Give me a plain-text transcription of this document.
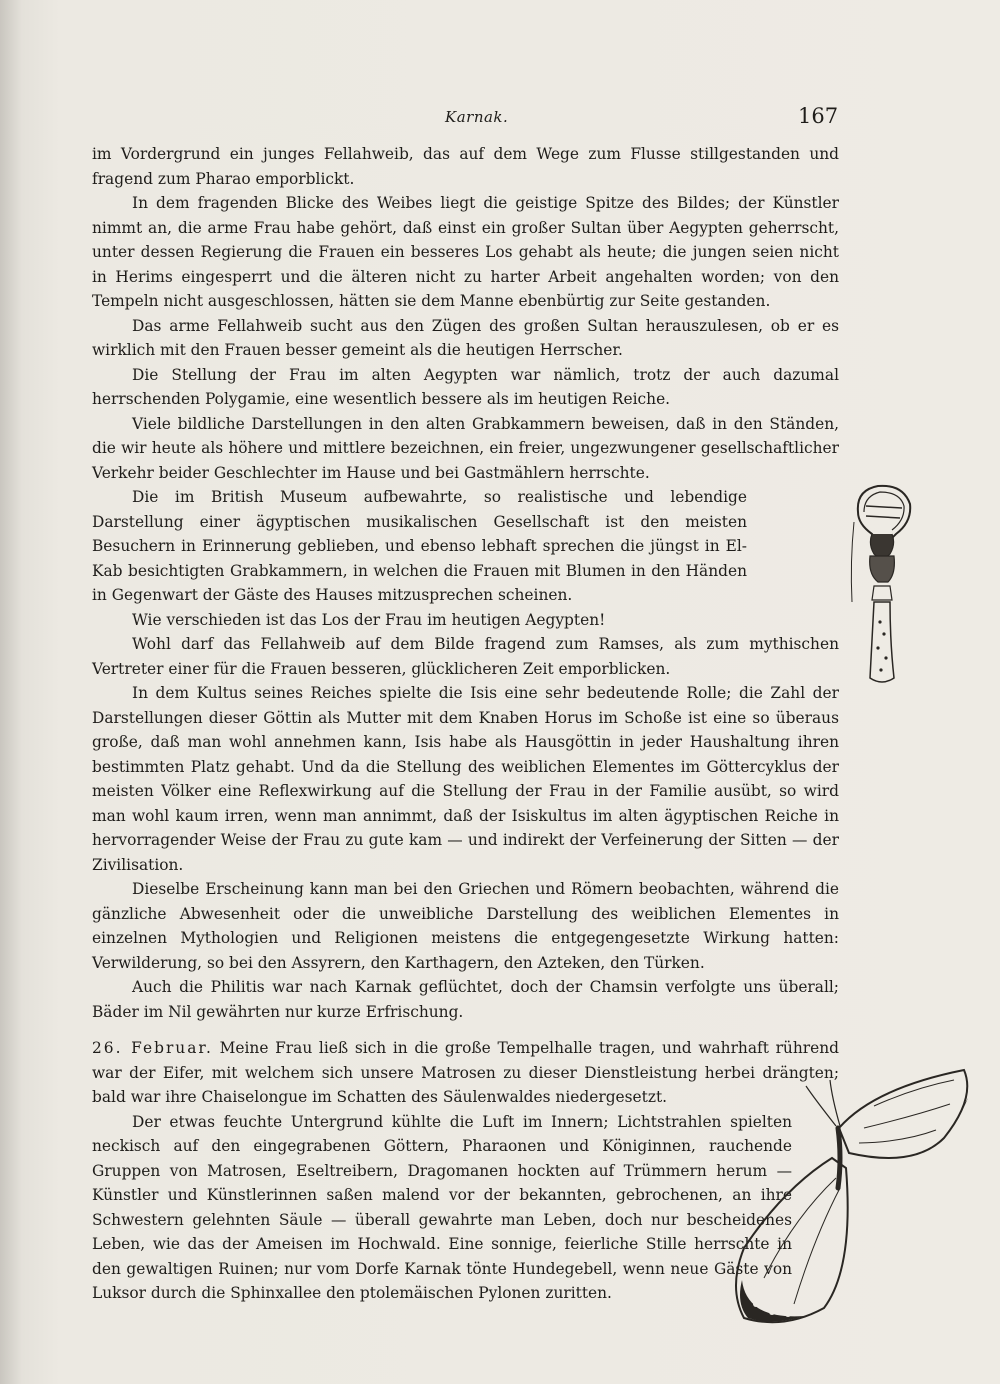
Karnak.	167

im Vordergrund ein junges Fellahweib, das auf dem Wege zum Flusse stillgestanden und fragend zum Pharao emporblickt.

In dem fragenden Blicke des Weibes liegt die geistige Spitze des Bildes; der Künstler nimmt an, die arme Frau habe gehört, daß einst ein großer Sultan über Aegypten geherrscht, unter dessen Regierung die Frauen ein besseres Los gehabt als heute; die jungen seien nicht in Herims eingesperrt und die älteren nicht zu harter Arbeit angehalten worden; von den Tempeln nicht ausgeschlossen, hätten sie dem Manne ebenbürtig zur Seite gestanden.

Das arme Fellahweib sucht aus den Zügen des großen Sultan herauszulesen, ob er es wirklich mit den Frauen besser gemeint als die heutigen Herrscher.

Die Stellung der Frau im alten Aegypten war nämlich, trotz der auch dazumal herrschenden Polygamie, eine wesentlich bessere als im heutigen Reiche.

Viele bildliche Darstellungen in den alten Grabkammern beweisen, daß in den Ständen, die wir heute als höhere und mittlere bezeichnen, ein freier, ungezwungener gesellschaftlicher Verkehr beider Geschlechter im Hause und bei Gastmählern herrschte.

Die im British Museum aufbewahrte, so realistische und lebendige Darstellung einer ägyptischen musikalischen Gesellschaft ist den meisten Besuchern in Erinnerung geblieben, und ebenso lebhaft sprechen die jüngst in El-Kab besichtigten Grabkammern, in welchen die Frauen mit Blumen in den Händen in Gegenwart der Gäste des Hauses mitzusprechen scheinen.

Wie verschieden ist das Los der Frau im heutigen Aegypten!

Wohl darf das Fellahweib auf dem Bilde fragend zum Ramses, als zum mythischen Vertreter einer für die Frauen besseren, glücklicheren Zeit emporblicken.

In dem Kultus seines Reiches spielte die Isis eine sehr bedeutende Rolle; die Zahl der Darstellungen dieser Göttin als Mutter mit dem Knaben Horus im Schoße ist eine so überaus große, daß man wohl annehmen kann, Isis habe als Hausgöttin in jeder Haushaltung ihren bestimmten Platz gehabt. Und da die Stellung des weiblichen Elementes im Göttercyklus der meisten Völker eine Reflexwirkung auf die Stellung der Frau in der Familie ausübt, so wird man wohl kaum irren, wenn man annimmt, daß der Isiskultus im alten ägyptischen Reiche in hervorragender Weise der Frau zu gute kam — und indirekt der Verfeinerung der Sitten — der Zivilisation.

Dieselbe Erscheinung kann man bei den Griechen und Römern beobachten, während die gänzliche Abwesenheit oder die unweibliche Darstellung des weiblichen Elementes in einzelnen Mythologien und Religionen meistens die entgegengesetzte Wirkung hatten: Verwilderung, so bei den Assyrern, den Karthagern, den Azteken, den Türken.

Auch die Philitis war nach Karnak geflüchtet, doch der Chamsin verfolgte uns überall; Bäder im Nil gewährten nur kurze Erfrischung.

26. Februar. Meine Frau ließ sich in die große Tempelhalle tragen, und wahrhaft rührend war der Eifer, mit welchem sich unsere Matrosen zu dieser Dienstleistung herbei drängten; bald war ihre Chaiselongue im Schatten des Säulenwaldes niedergesetzt.

Der etwas feuchte Untergrund kühlte die Luft im Innern; Lichtstrahlen spielten neckisch auf den eingegrabenen Göttern, Pharaonen und Königinnen, rauchende Gruppen von Matrosen, Eseltreibern, Dragomanen hockten auf Trümmern herum — Künstler und Künstlerinnen saßen malend vor der bekannten, gebrochenen, an ihre Schwestern gelehnten Säule — überall gewahrte man Leben, doch nur bescheidenes Leben, wie das der Ameisen im Hochwald. Eine sonnige, feierliche Stille herrschte in den gewaltigen Ruinen; nur vom Dorfe Karnak tönte Hundegebell, wenn neue Gäste von Luksor durch die Sphinxallee den ptolemäischen Pylonen zuritten.
